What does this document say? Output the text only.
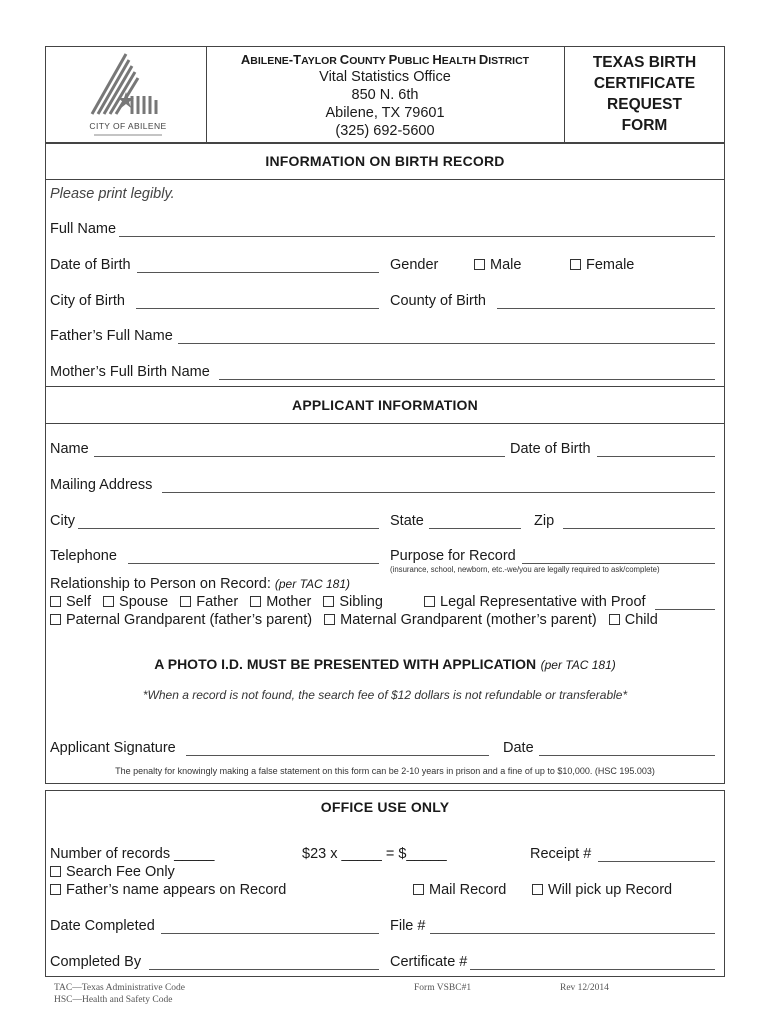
CITY OF ABILENE
ABILENE-TAYLOR COUNTY PUBLIC HEALTH DISTRICT
Vital Statistics Office
850 N. 6th
Abilene, TX 79601
(325) 692-5600
TEXAS BIRTH
CERTIFICATE
REQUEST
FORM
INFORMATION ON BIRTH RECORD
Please print legibly.
Full Name
Date of Birth	Gender	Male	Female
City of Birth	County of Birth
Father’s Full Name
Mother’s Full Birth Name
APPLICANT INFORMATION
Name	Date of Birth
Mailing Address
City	State	Zip
Telephone	Purpose for Record
(insurance, school, newborn, etc.-we/you are legally required to ask/complete)
Relationship to Person on Record: (per TAC 181)
Self Spouse Father Mother Sibling	Legal Representative with Proof
Paternal Grandparent (father’s parent) Maternal Grandparent (mother’s parent) Child
A PHOTO I.D. MUST BE PRESENTED WITH APPLICATION (per TAC 181)
*When a record is not found, the search fee of $12 dollars is not refundable or transferable*
Applicant Signature	Date
The penalty for knowingly making a false statement on this form can be 2-10 years in prison and a fine of up to $10,000. (HSC 195.003)
OFFICE USE ONLY
Number of records _____	$23 x _____ = $_____	Receipt #
Search Fee Only
Father’s name appears on Record	Mail Record	Will pick up Record
Date Completed	File #
Completed By	Certificate #
TAC—Texas Administrative Code
HSC—Health and Safety Code
Form VSBC#1	Rev 12/2014
